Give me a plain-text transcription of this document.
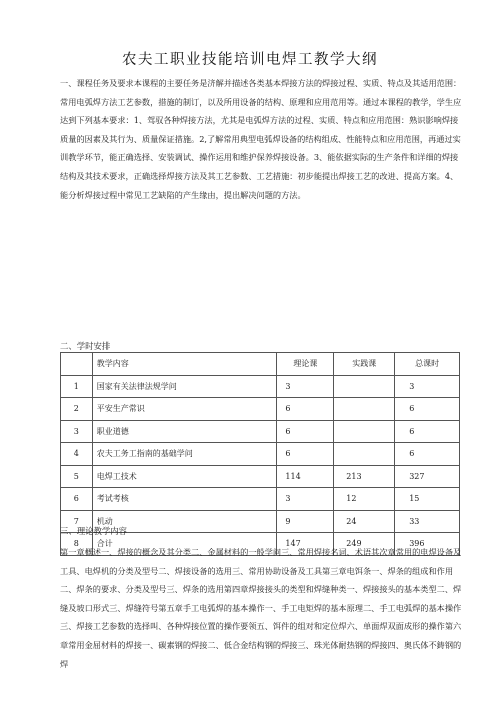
农夫工职业技能培训电焊工教学大纲
一、课程任务及要求本课程的主要任务是济解并描述各类基本焊接方法的焊接过程、实质、特点及其适用范围：常用电弧焊方法工艺参数，措施的制订，以及所用设备的结构、原理和应用范用等。通过本课程的教学，学生应达到下列基本要求：1、驾驭各种焊接方法，尤其是电弧焊方法的过程、实质、特点和应用范围：熟识影响焊接质量的因素及其行为、质量保证措施。2,了解常用典型电弧焊设备的结构组成、性能特点和应用范围，再通过实训教学环节，能正确选择、安装调试、操作运用和维护保养焊接设备。3、能依据实际的生产条件和详细的焊接结构及其技术要求，正确选择焊接方法及其工艺参数、工艺措施：初步能提出焊接工艺的改进、提高方案。4、能分析焊接过程中常见工艺缺陷的产生缘由，提出解决问题的方法。
二、学时安排
	教学内容	理论课	实践课	总课时
1	国家有关法律法规学问	3		3
2	平安生产常识	6		6
3	职业道德	6		6
4	农夫工务工指南的基础学问	6		6
5	电焊工技术	114	213	327
6	考试考核	3	12	15
7	机动	9	24	33
8	合计	147	249	396
三、理论教学内容
第一章概述一、焊接的概念及其分类二、金属材料的一般学问三、常用焊接名词、术语其次章常用的电焊设备及工具、电焊机的分类及型号二、焊接设备的选用三、常用协助设备及工具第三章电饵条一、焊条的组成和作用二、焊条的要求、分类及型号三、焊条的选用第四章焊接接头的类型和焊缝种类一、焊接接头的基本类型二、焊缝及坡口形式三、焊缝符号第五章手工电弧焊的基本操作一、手工电矩焊的基本原理二、手工电弧焊的基本操作三、焊接工艺参数的选择叫、各种焊接位置的操作要领五、饵件的组对和定位焊六、单面焊双面成形的操作第六章常用金屈材料的焊接一、碳素钢的焊接二、低合金结构钢的焊接三、珠光体耐热钢的焊接四、奥氏体不鋳钢的焊
